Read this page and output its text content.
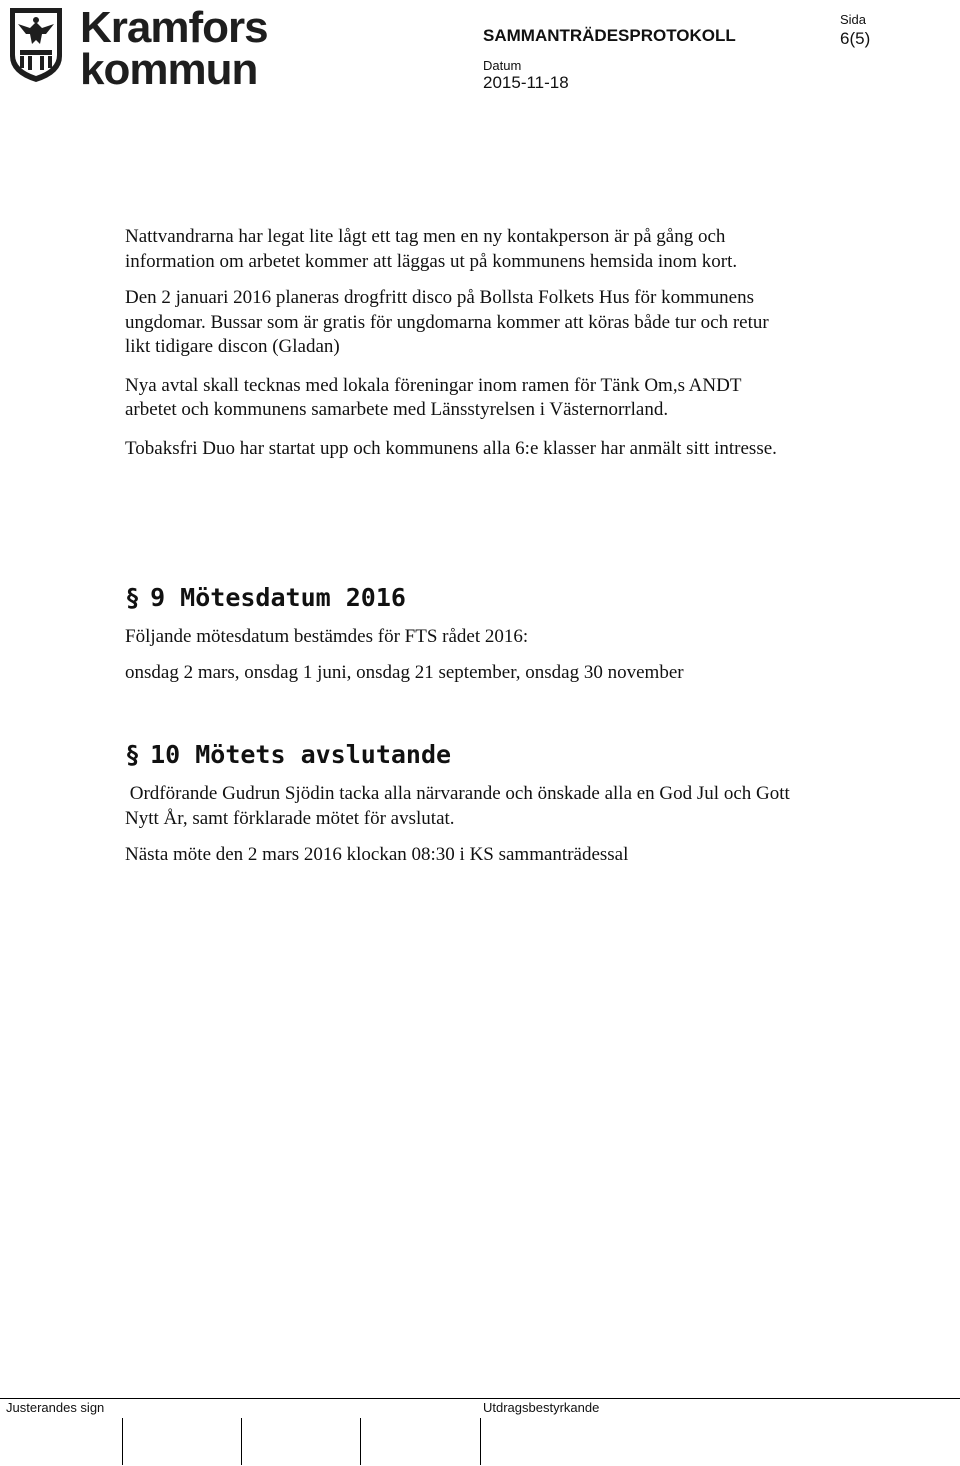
Kramfors
kommun
SAMMANTRÄDESPROTOKOLL
Sida
6(5)
Datum
2015-11-18

Nattvandrarna har legat lite lågt ett tag men en ny kontakperson är på gång och information om arbetet kommer att läggas ut på kommunens hemsida inom kort.

Den 2 januari 2016 planeras drogfritt disco på Bollsta Folkets Hus för kommunens ungdomar. Bussar som är gratis för ungdomarna kommer att köras både tur och retur likt tidigare discon (Gladan)

Nya avtal skall tecknas med lokala föreningar inom ramen för Tänk Om,s ANDT arbetet och kommunens samarbete med Länsstyrelsen i Västernorrland.

Tobaksfri Duo har startat upp och kommunens alla 6:e klasser har anmält sitt intresse.

§ 9 Mötesdatum 2016

Följande mötesdatum bestämdes för FTS rådet 2016:

onsdag 2 mars, onsdag 1 juni, onsdag 21 september, onsdag 30 november

§ 10 Mötets avslutande

Ordförande Gudrun Sjödin tacka alla närvarande och önskade alla en God Jul och Gott Nytt År, samt förklarade mötet för avslutat.

Nästa möte den 2 mars 2016 klockan 08:30 i KS sammanträdessal

Justerandes sign	Utdragsbestyrkande
